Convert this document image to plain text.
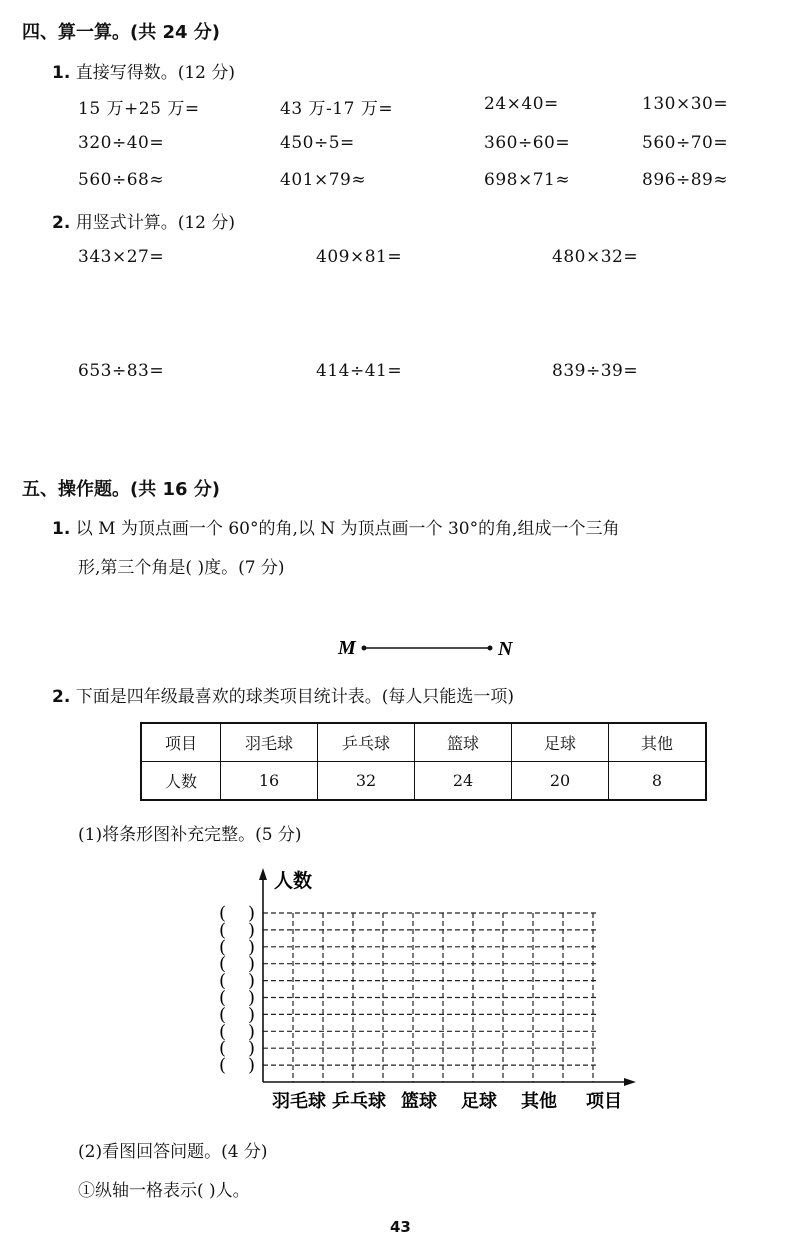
四、算一算。(共 24 分)
1. 直接写得数。(12 分)
15 万+25 万=	43 万-17 万=	24×40=	130×30=
320÷40=	450÷5=	360÷60=	560÷70=
560÷68≈	401×79≈	698×71≈	896÷89≈
2. 用竖式计算。(12 分)
343×27=	409×81=	480×32=
653÷83=	414÷41=	839÷39=
五、操作题。(共 16 分)
1. 以 M 为顶点画一个 60°的角,以 N 为顶点画一个 30°的角,组成一个三角
形,第三个角是( )度。(7 分)
M	N
2. 下面是四年级最喜欢的球类项目统计表。(每人只能选一项)
项目	羽毛球	乒乓球	篮球	足球	其他
人数	16	32	24	20	8
(1)将条形图补充完整。(5 分)
人数
( )
( )
( )
( )
( )
( )
( )
( )
( )
( )
羽毛球 乒乓球 篮球 足球 其他 项目
(2)看图回答问题。(4 分)
①纵轴一格表示( )人。
43
